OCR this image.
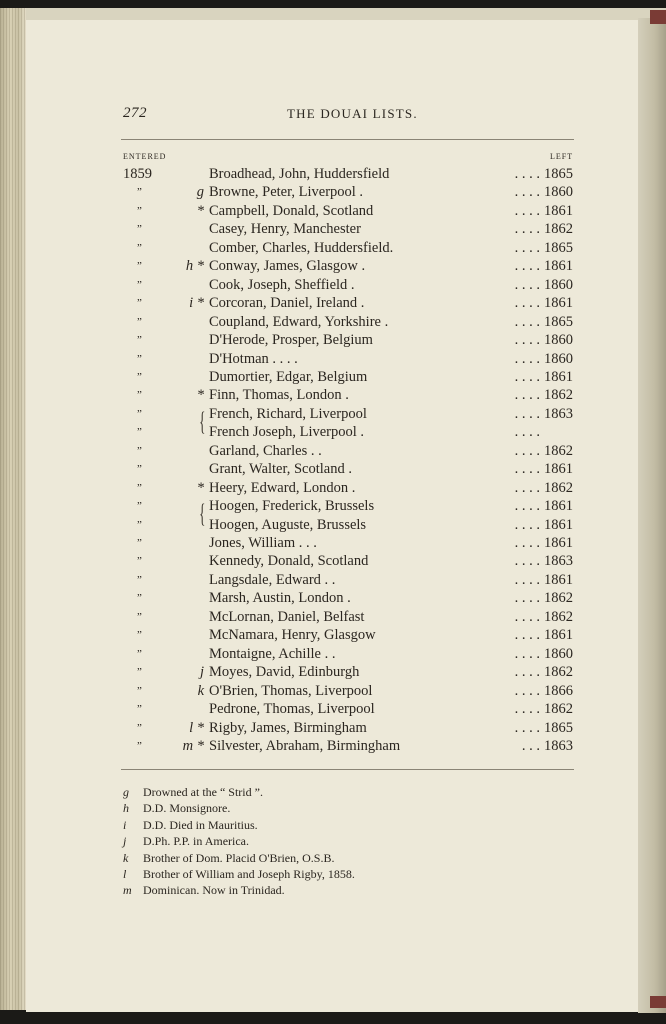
272	THE DOUAI LISTS.
ENTERED	LEFT
1859	Broadhead, John, Huddersfield	. . . . 1865
”	g Browne, Peter, Liverpool .	. . . . 1860
”	* Campbell, Donald, Scotland	. . . . 1861
”	Casey, Henry, Manchester	. . . . 1862
”	Comber, Charles, Huddersfield.	. . . . 1865
”	h * Conway, James, Glasgow .	. . . . 1861
”	Cook, Joseph, Sheffield .	. . . . 1860
”	i * Corcoran, Daniel, Ireland .	. . . . 1861
”	Coupland, Edward, Yorkshire .	. . . . 1865
”	D'Herode, Prosper, Belgium	. . . . 1860
”	D'Hotman . . . .	. . . . 1860
”	Dumortier, Edgar, Belgium	. . . . 1861
”	* Finn, Thomas, London .	. . . . 1862
”	French, Richard, Liverpool	. . . . 1863
”	French Joseph, Liverpool .	. . . .
”	Garland, Charles . .	. . . . 1862
”	Grant, Walter, Scotland .	. . . . 1861
”	* Heery, Edward, London .	. . . . 1862
”	Hoogen, Frederick, Brussels	. . . . 1861
”	Hoogen, Auguste, Brussels	. . . . 1861
”	Jones, William . . .	. . . . 1861
”	Kennedy, Donald, Scotland	. . . . 1863
”	Langsdale, Edward . .	. . . . 1861
”	Marsh, Austin, London .	. . . . 1862
”	McLornan, Daniel, Belfast	. . . . 1862
”	McNamara, Henry, Glasgow	. . . . 1861
”	Montaigne, Achille . .	. . . . 1860
”	j Moyes, David, Edinburgh	. . . . 1862
”	k O'Brien, Thomas, Liverpool	. . . . 1866
”	Pedrone, Thomas, Liverpool	. . . . 1862
”	l * Rigby, James, Birmingham	. . . . 1865
”	m * Silvester, Abraham, Birmingham	. . . 1863
{
{
g Drowned at the “ Strid ”.
h D.D. Monsignore.
i D.D. Died in Mauritius.
j D.Ph. P.P. in America.
k Brother of Dom. Placid O'Brien, O.S.B.
l Brother of William and Joseph Rigby, 1858.
m Dominican. Now in Trinidad.
